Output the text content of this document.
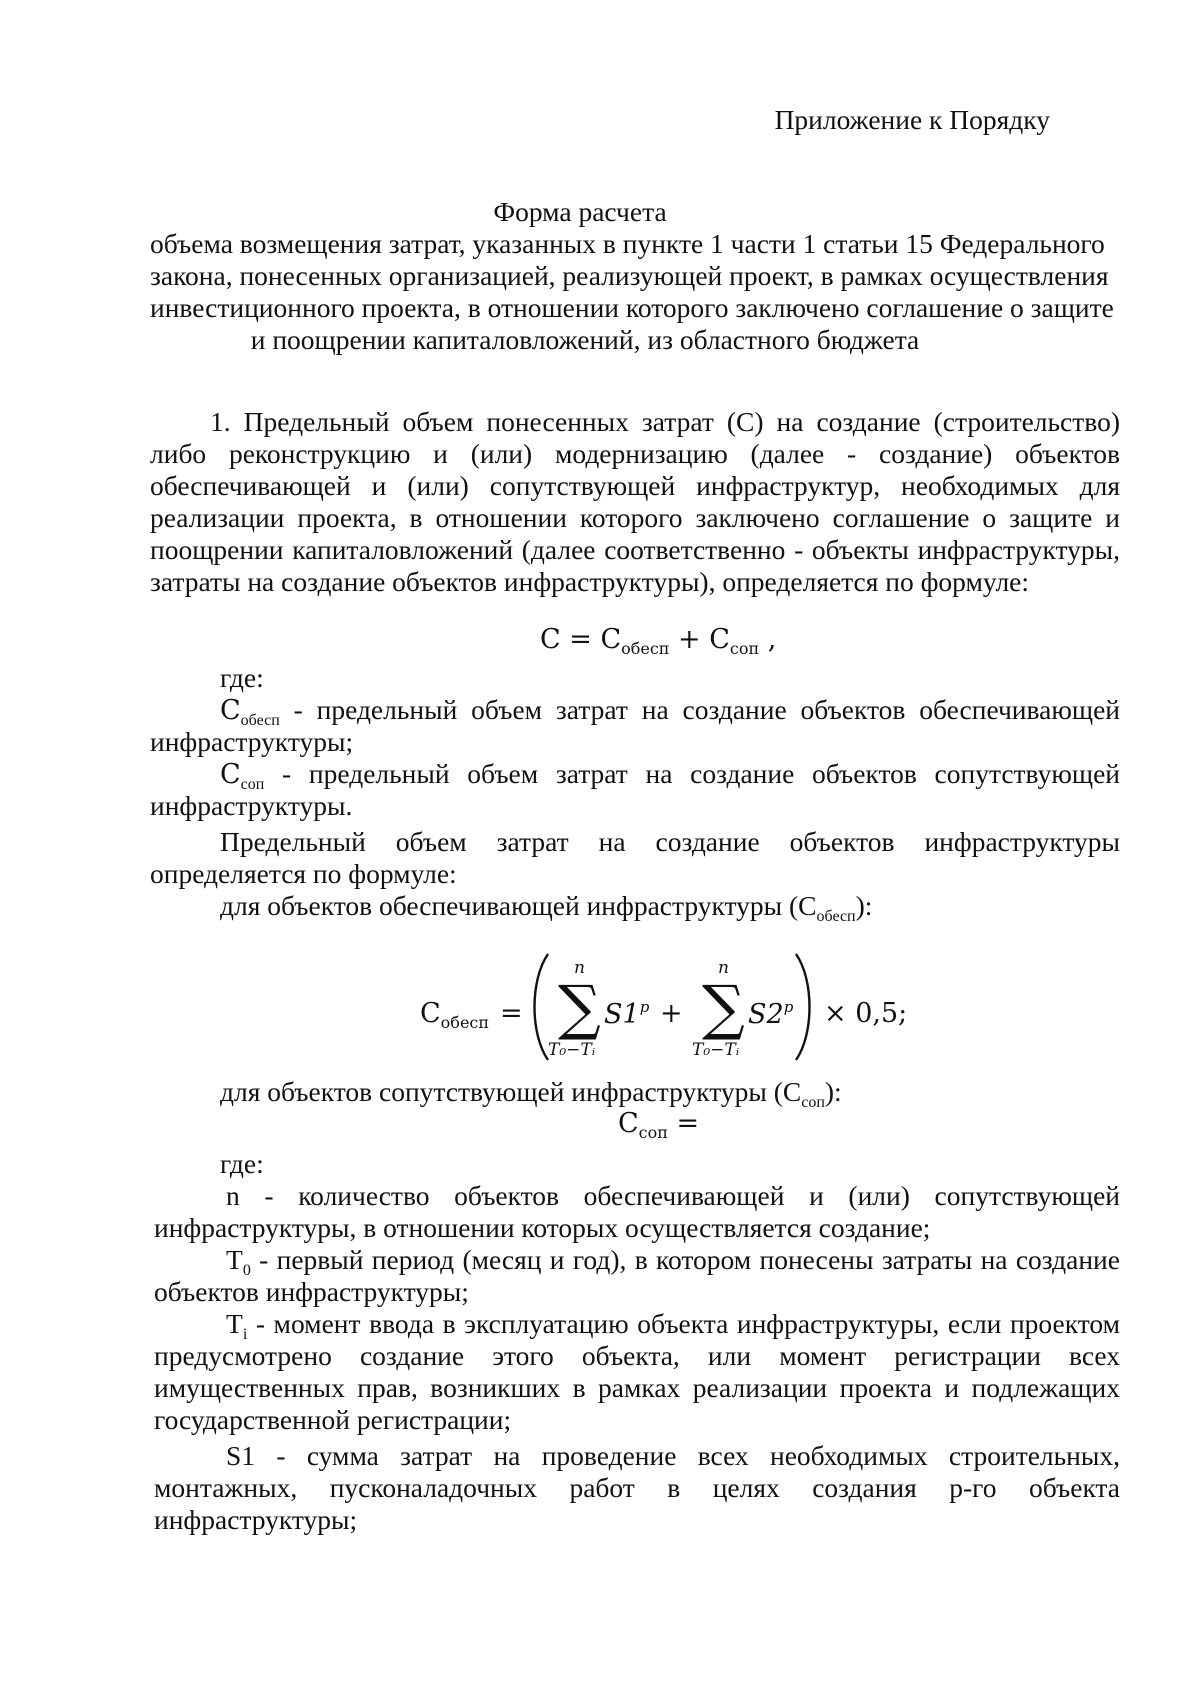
Приложение к Порядку
Форма расчета
объема возмещения затрат, указанных в пункте 1 части 1 статьи 15 Федерального
закона, понесенных организацией, реализующей проект, в рамках осуществления
инвестиционного проекта, в отношении которого заключено соглашение о защите
и поощрении капиталовложений, из областного бюджета
1. Предельный объем понесенных затрат (С) на создание (строительство)
либо реконструкцию и (или) модернизацию (далее - создание) объектов
обеспечивающей и (или) сопутствующей инфраструктур, необходимых для
реализации проекта, в отношении которого заключено соглашение о защите и
поощрении капиталовложений (далее соответственно - объекты инфраструктуры,
затраты на создание объектов инфраструктуры), определяется по формуле:
$C = C_{обесп} + C_{соп}$ ,
где:
$C_{обесп}$ - предельный объем затрат на создание объектов обеспечивающей
инфраструктуры;
$C_{соп}$ - предельный объем затрат на создание объектов сопутствующей
инфраструктуры.
Предельный объем затрат на создание объектов инфраструктуры
определяется по формуле:
для объектов обеспечивающей инфраструктуры $(C_{обесп})$:
$C_{обесп}$ =
n
∑
T₀−Tᵢ
$S1^p$ +
n
∑
T₀−Tᵢ
$S2^p \times 0,5$;
для объектов сопутствующей инфраструктуры $(C_{соп})$:
$C_{соп}$ =
где:
n - количество объектов обеспечивающей и (или) сопутствующей
инфраструктуры, в отношении которых осуществляется создание;
$T_0$ - первый период (месяц и год), в котором понесены затраты на создание
объектов инфраструктуры;
$T_i$ - момент ввода в эксплуатацию объекта инфраструктуры, если проектом
предусмотрено создание этого объекта, или момент регистрации всех
имущественных прав, возникших в рамках реализации проекта и подлежащих
государственной регистрации;
S1 - сумма затрат на проведение всех необходимых строительных,
монтажных, пусконаладочных работ в целях создания p-го объекта
инфраструктуры;
